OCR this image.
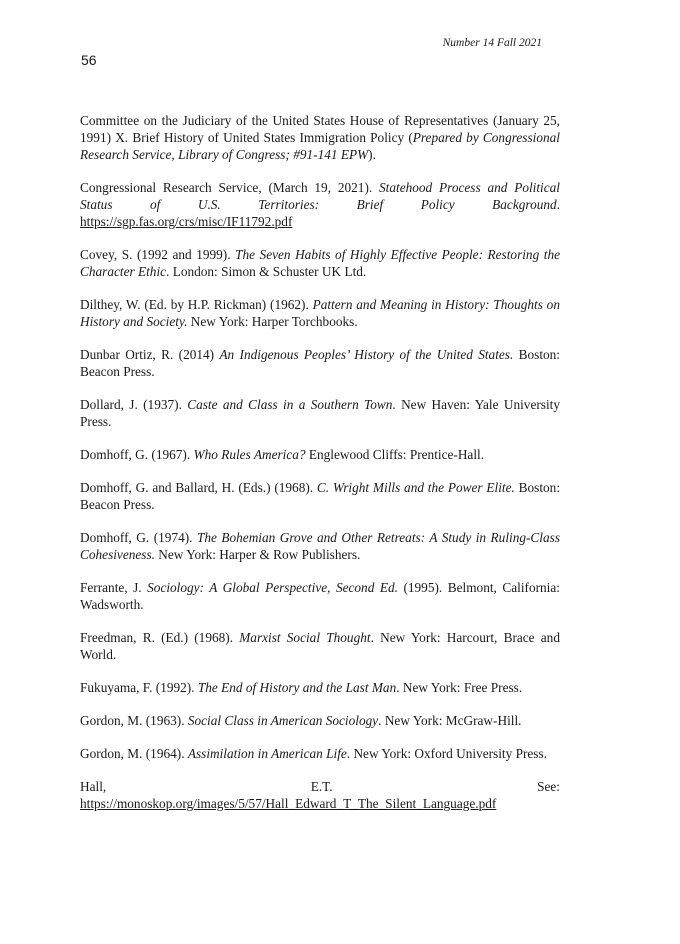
Number 14 Fall 2021
56

Committee on the Judiciary of the United States House of Representatives (January 25, 1991) X. Brief History of United States Immigration Policy (Prepared by Congressional Research Service, Library of Congress; #91-141 EPW).

Congressional Research Service, (March 19, 2021). Statehood Process and Political Status of U.S. Territories: Brief Policy Background. https://sgp.fas.org/crs/misc/IF11792.pdf

Covey, S. (1992 and 1999). The Seven Habits of Highly Effective People: Restoring the Character Ethic. London: Simon & Schuster UK Ltd.

Dilthey, W. (Ed. by H.P. Rickman) (1962). Pattern and Meaning in History: Thoughts on History and Society. New York: Harper Torchbooks.

Dunbar Ortiz, R. (2014) An Indigenous Peoples’ History of the United States. Boston: Beacon Press.

Dollard, J. (1937). Caste and Class in a Southern Town. New Haven: Yale University Press.

Domhoff, G. (1967). Who Rules America? Englewood Cliffs: Prentice-Hall.

Domhoff, G. and Ballard, H. (Eds.) (1968). C. Wright Mills and the Power Elite. Boston: Beacon Press.

Domhoff, G. (1974). The Bohemian Grove and Other Retreats: A Study in Ruling-Class Cohesiveness. New York: Harper & Row Publishers.

Ferrante, J. Sociology: A Global Perspective, Second Ed. (1995). Belmont, California: Wadsworth.

Freedman, R. (Ed.) (1968). Marxist Social Thought. New York: Harcourt, Brace and World.

Fukuyama, F. (1992). The End of History and the Last Man. New York: Free Press.

Gordon, M. (1963). Social Class in American Sociology. New York: McGraw-Hill.

Gordon, M. (1964). Assimilation in American Life. New York: Oxford University Press.

Hall, E.T. See: https://monoskop.org/images/5/57/Hall_Edward_T_The_Silent_Language.pdf
